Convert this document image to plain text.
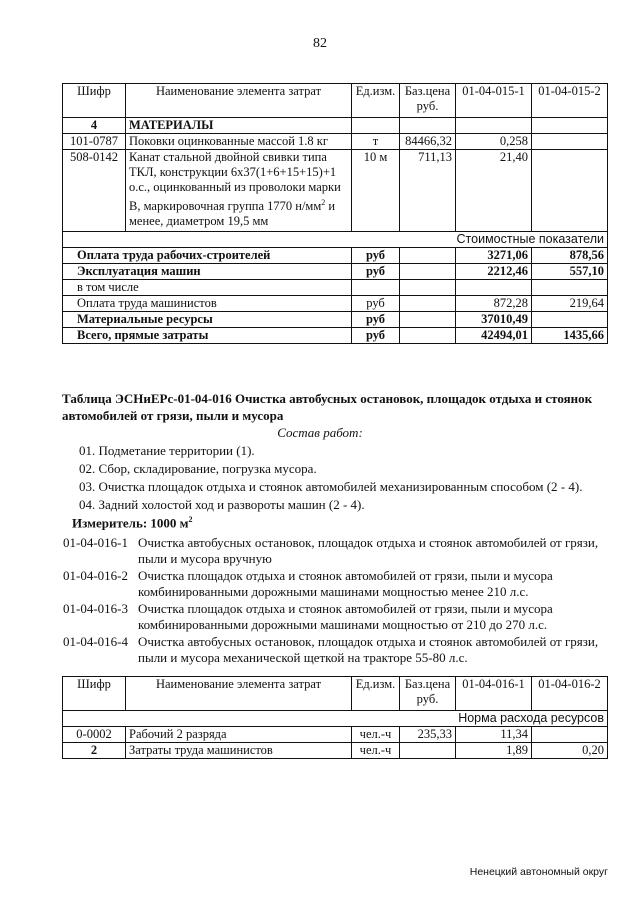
82
Шифр	Наименование элемента затрат	Ед.изм.	Баз.цена руб.	01-04-015-1	01-04-015-2
4	МАТЕРИАЛЫ				
101-0787	Поковки оцинкованные массой 1.8 кг	т	84466,32	0,258	
508-0142	Канат стальной двойной свивки типа ТКЛ, конструкции 6х37(1+6+15+15)+1 о.с., оцинкованный из проволоки марки В, маркировочная группа 1770 $н/мм^2$ и менее, диаметром 19,5 мм	10 м	711,13	21,40	
Стоимостные показатели					
Оплата труда рабочих-строителей		руб		3271,06	878,56
Эксплуатация машин		руб		2212,46	557,10
в том числе					
Оплата труда машинистов		руб		872,28	219,64
Материальные ресурсы		руб		37010,49	
Всего, прямые затраты		руб		42494,01	1435,66
Таблица ЭСНиЕРс-01-04-016 Очистка автобусных остановок, площадок отдыха и стоянок автомобилей от грязи, пыли и мусора
Состав работ:
01. Подметание территории (1).
02. Сбор, складирование, погрузка мусора.
03. Очистка площадок отдыха и стоянок автомобилей механизированным способом (2 - 4).
04. Задний холостой ход и развороты машин (2 - 4).
Измеритель: 1000 $м^2$
01-04-016-1 Очистка автобусных остановок, площадок отдыха и стоянок автомобилей от грязи, пыли и мусора вручную
01-04-016-2 Очистка площадок отдыха и стоянок автомобилей от грязи, пыли и мусора комбинированными дорожными машинами мощностью менее 210 л.с.
01-04-016-3 Очистка площадок отдыха и стоянок автомобилей от грязи, пыли и мусора комбинированными дорожными машинами мощностью от 210 до 270 л.с.
01-04-016-4 Очистка автобусных остановок, площадок отдыха и стоянок автомобилей от грязи, пыли и мусора механической щеткой на тракторе 55-80 л.с.
Шифр	Наименование элемента затрат	Ед.изм.	Баз.цена руб.	01-04-016-1	01-04-016-2
Норма расхода ресурсов					
0-0002	Рабочий 2 разряда	чел.-ч	235,33	11,34	
2	Затраты труда машинистов	чел.-ч		1,89	0,20
Ненецкий автономный округ
